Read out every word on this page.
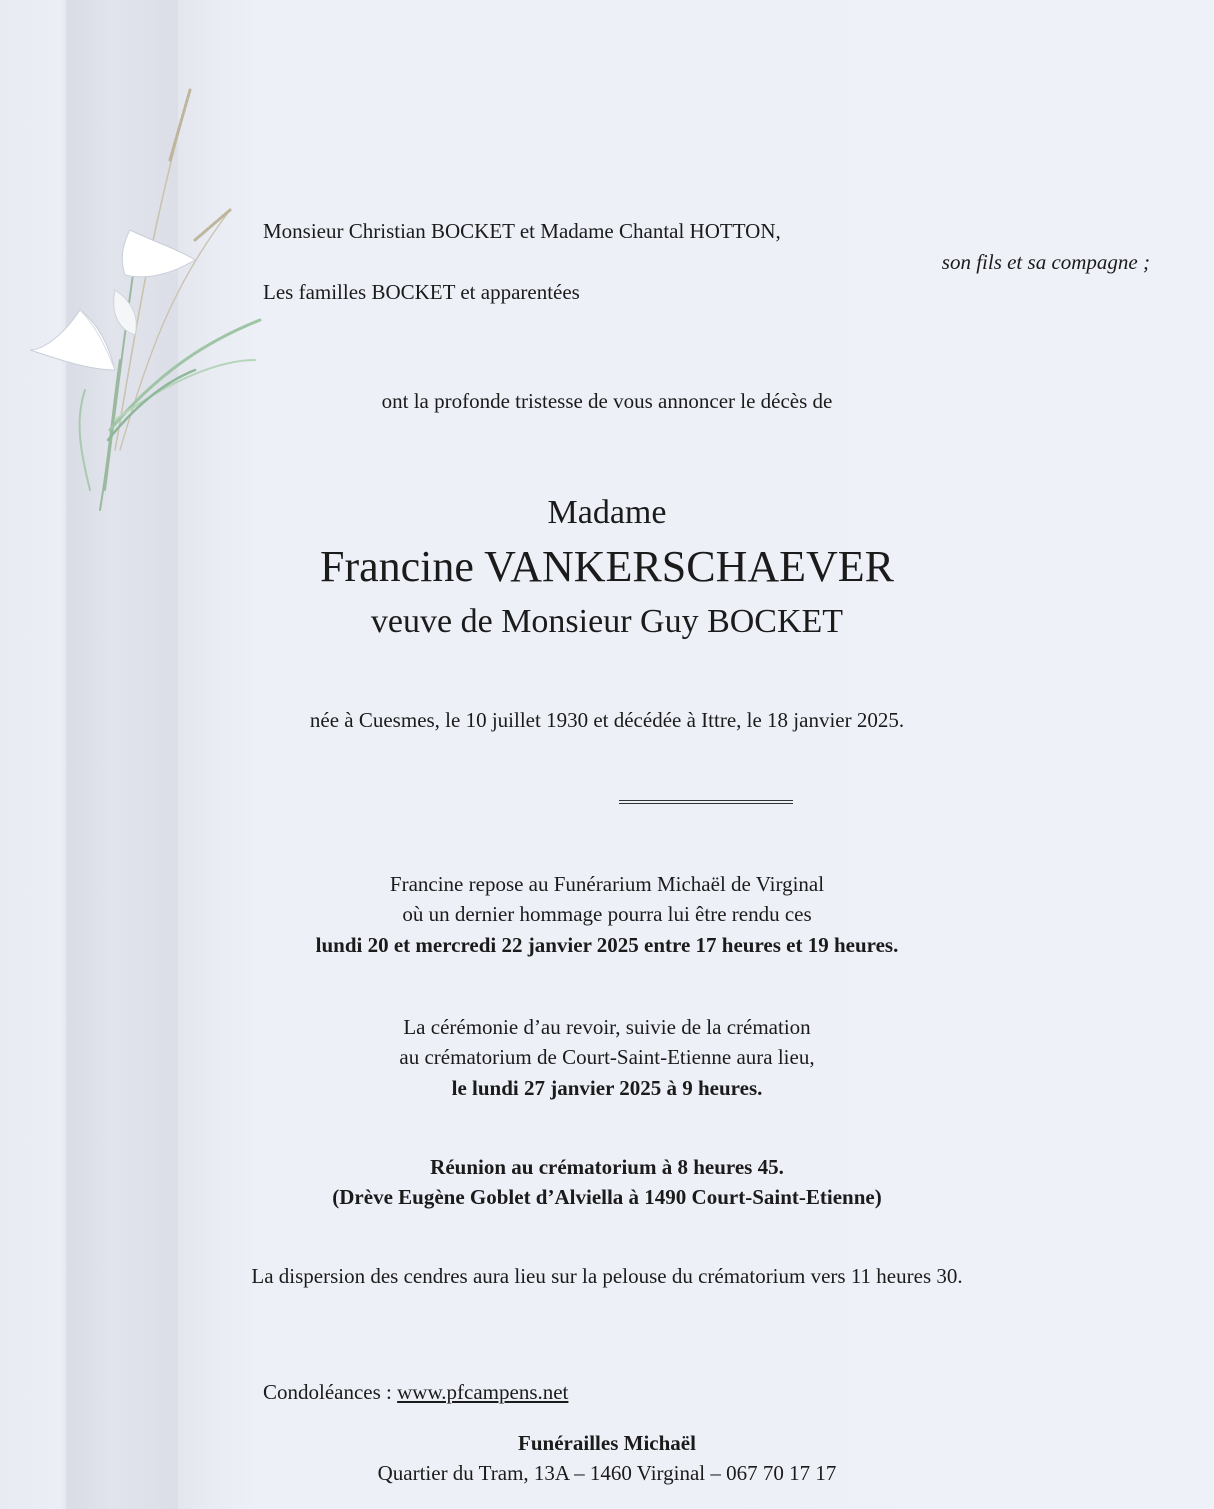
Monsieur Christian BOCKET et Madame Chantal HOTTON,
son fils et sa compagne ;
Les familles BOCKET et apparentées
ont la profonde tristesse de vous annoncer le décès de
Madame
Francine VANKERSCHAEVER
veuve de Monsieur Guy BOCKET
née à Cuesmes, le 10 juillet 1930 et décédée à Ittre, le 18 janvier 2025.
Francine repose au Funérarium Michaël de Virginal
où un dernier hommage pourra lui être rendu ces
lundi 20 et mercredi 22 janvier 2025 entre 17 heures et 19 heures.
La cérémonie d’au revoir, suivie de la crémation
au crématorium de Court-Saint-Etienne aura lieu,
le lundi 27 janvier 2025 à 9 heures.
Réunion au crématorium à 8 heures 45.
(Drève Eugène Goblet d’Alviella à 1490 Court-Saint-Etienne)
La dispersion des cendres aura lieu sur la pelouse du crématorium vers 11 heures 30.
Condoléances : www.pfcampens.net
Funérailles Michaël
Quartier du Tram, 13A – 1460 Virginal – 067 70 17 17
